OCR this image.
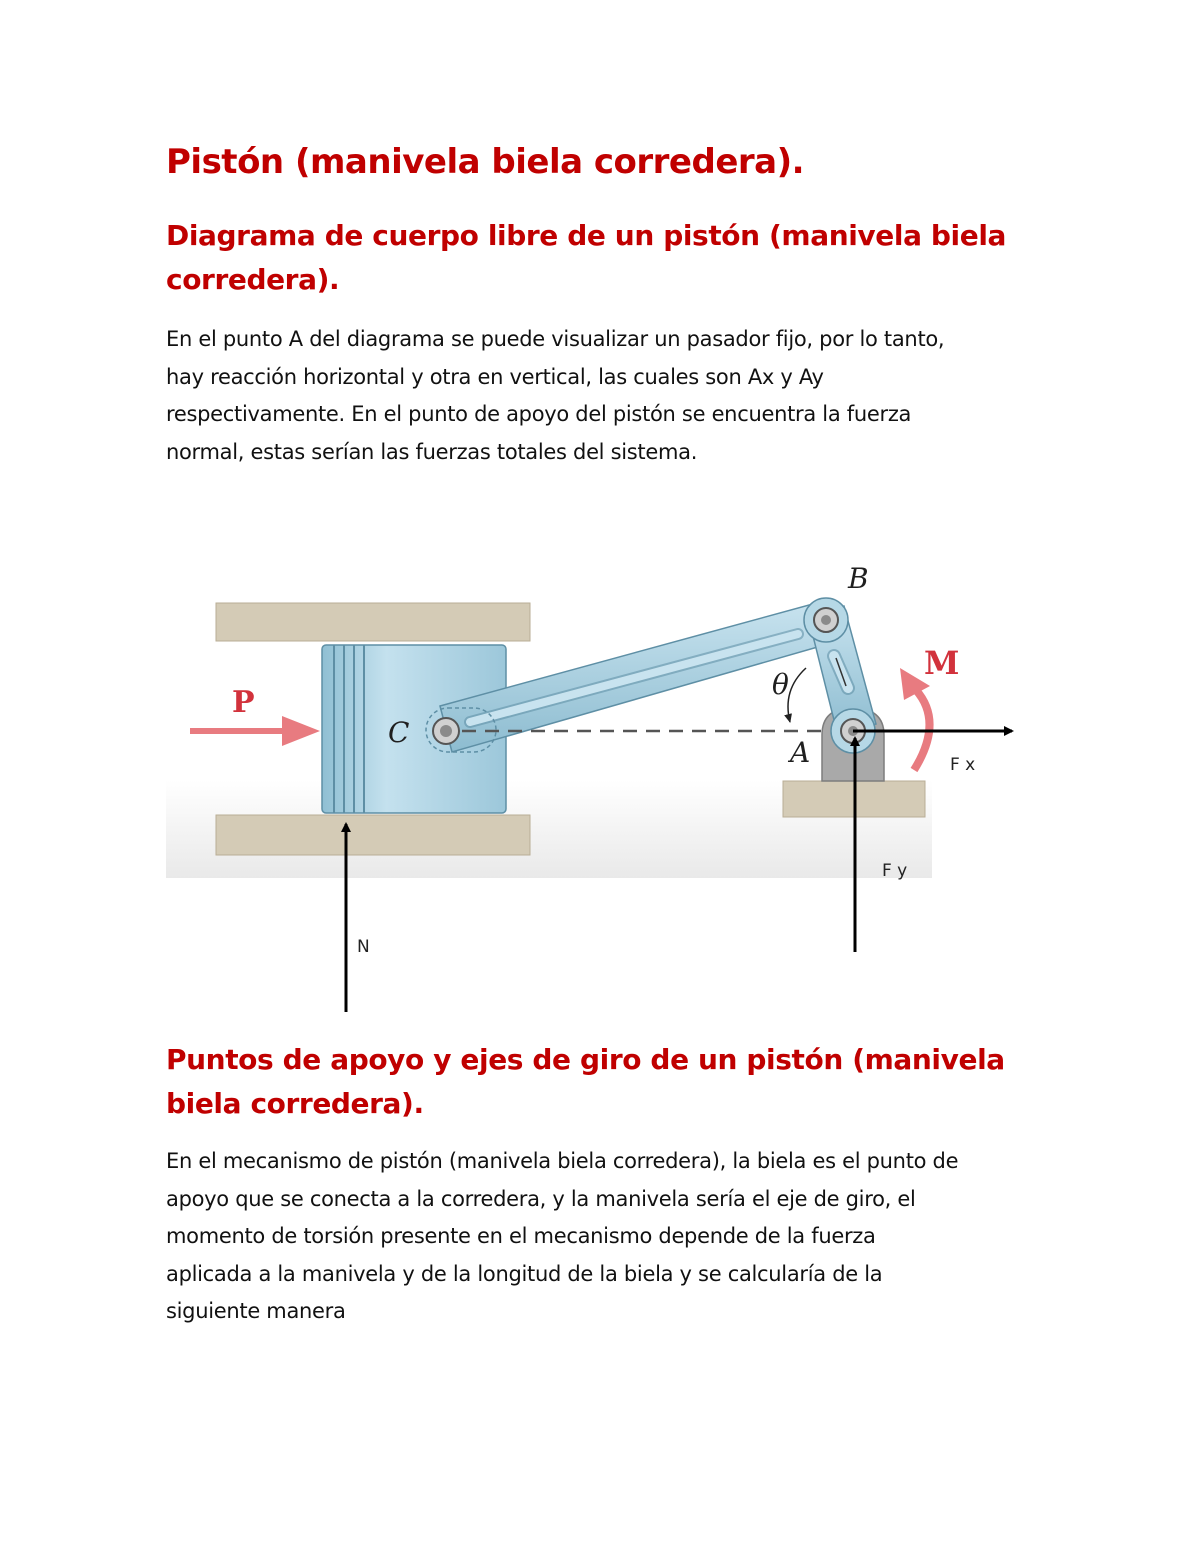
Pistón (manivela biela corredera).
Diagrama de cuerpo libre de un pistón (manivela biela
corredera).

En el punto A del diagrama se puede visualizar un pasador fijo, por lo tanto,
hay reacción horizontal y otra en vertical, las cuales son Ax y Ay
respectivamente. En el punto de apoyo del pistón se encuentra la fuerza
normal, estas serían las fuerzas totales del sistema.

B
C
A
θ
M
P
F x
F y
N
Puntos de apoyo y ejes de giro de un pistón (manivela
biela corredera).

En el mecanismo de pistón (manivela biela corredera), la biela es el punto de
apoyo que se conecta a la corredera, y la manivela sería el eje de giro, el
momento de torsión presente en el mecanismo depende de la fuerza
aplicada a la manivela y de la longitud de la biela y se calcularía de la
siguiente manera
